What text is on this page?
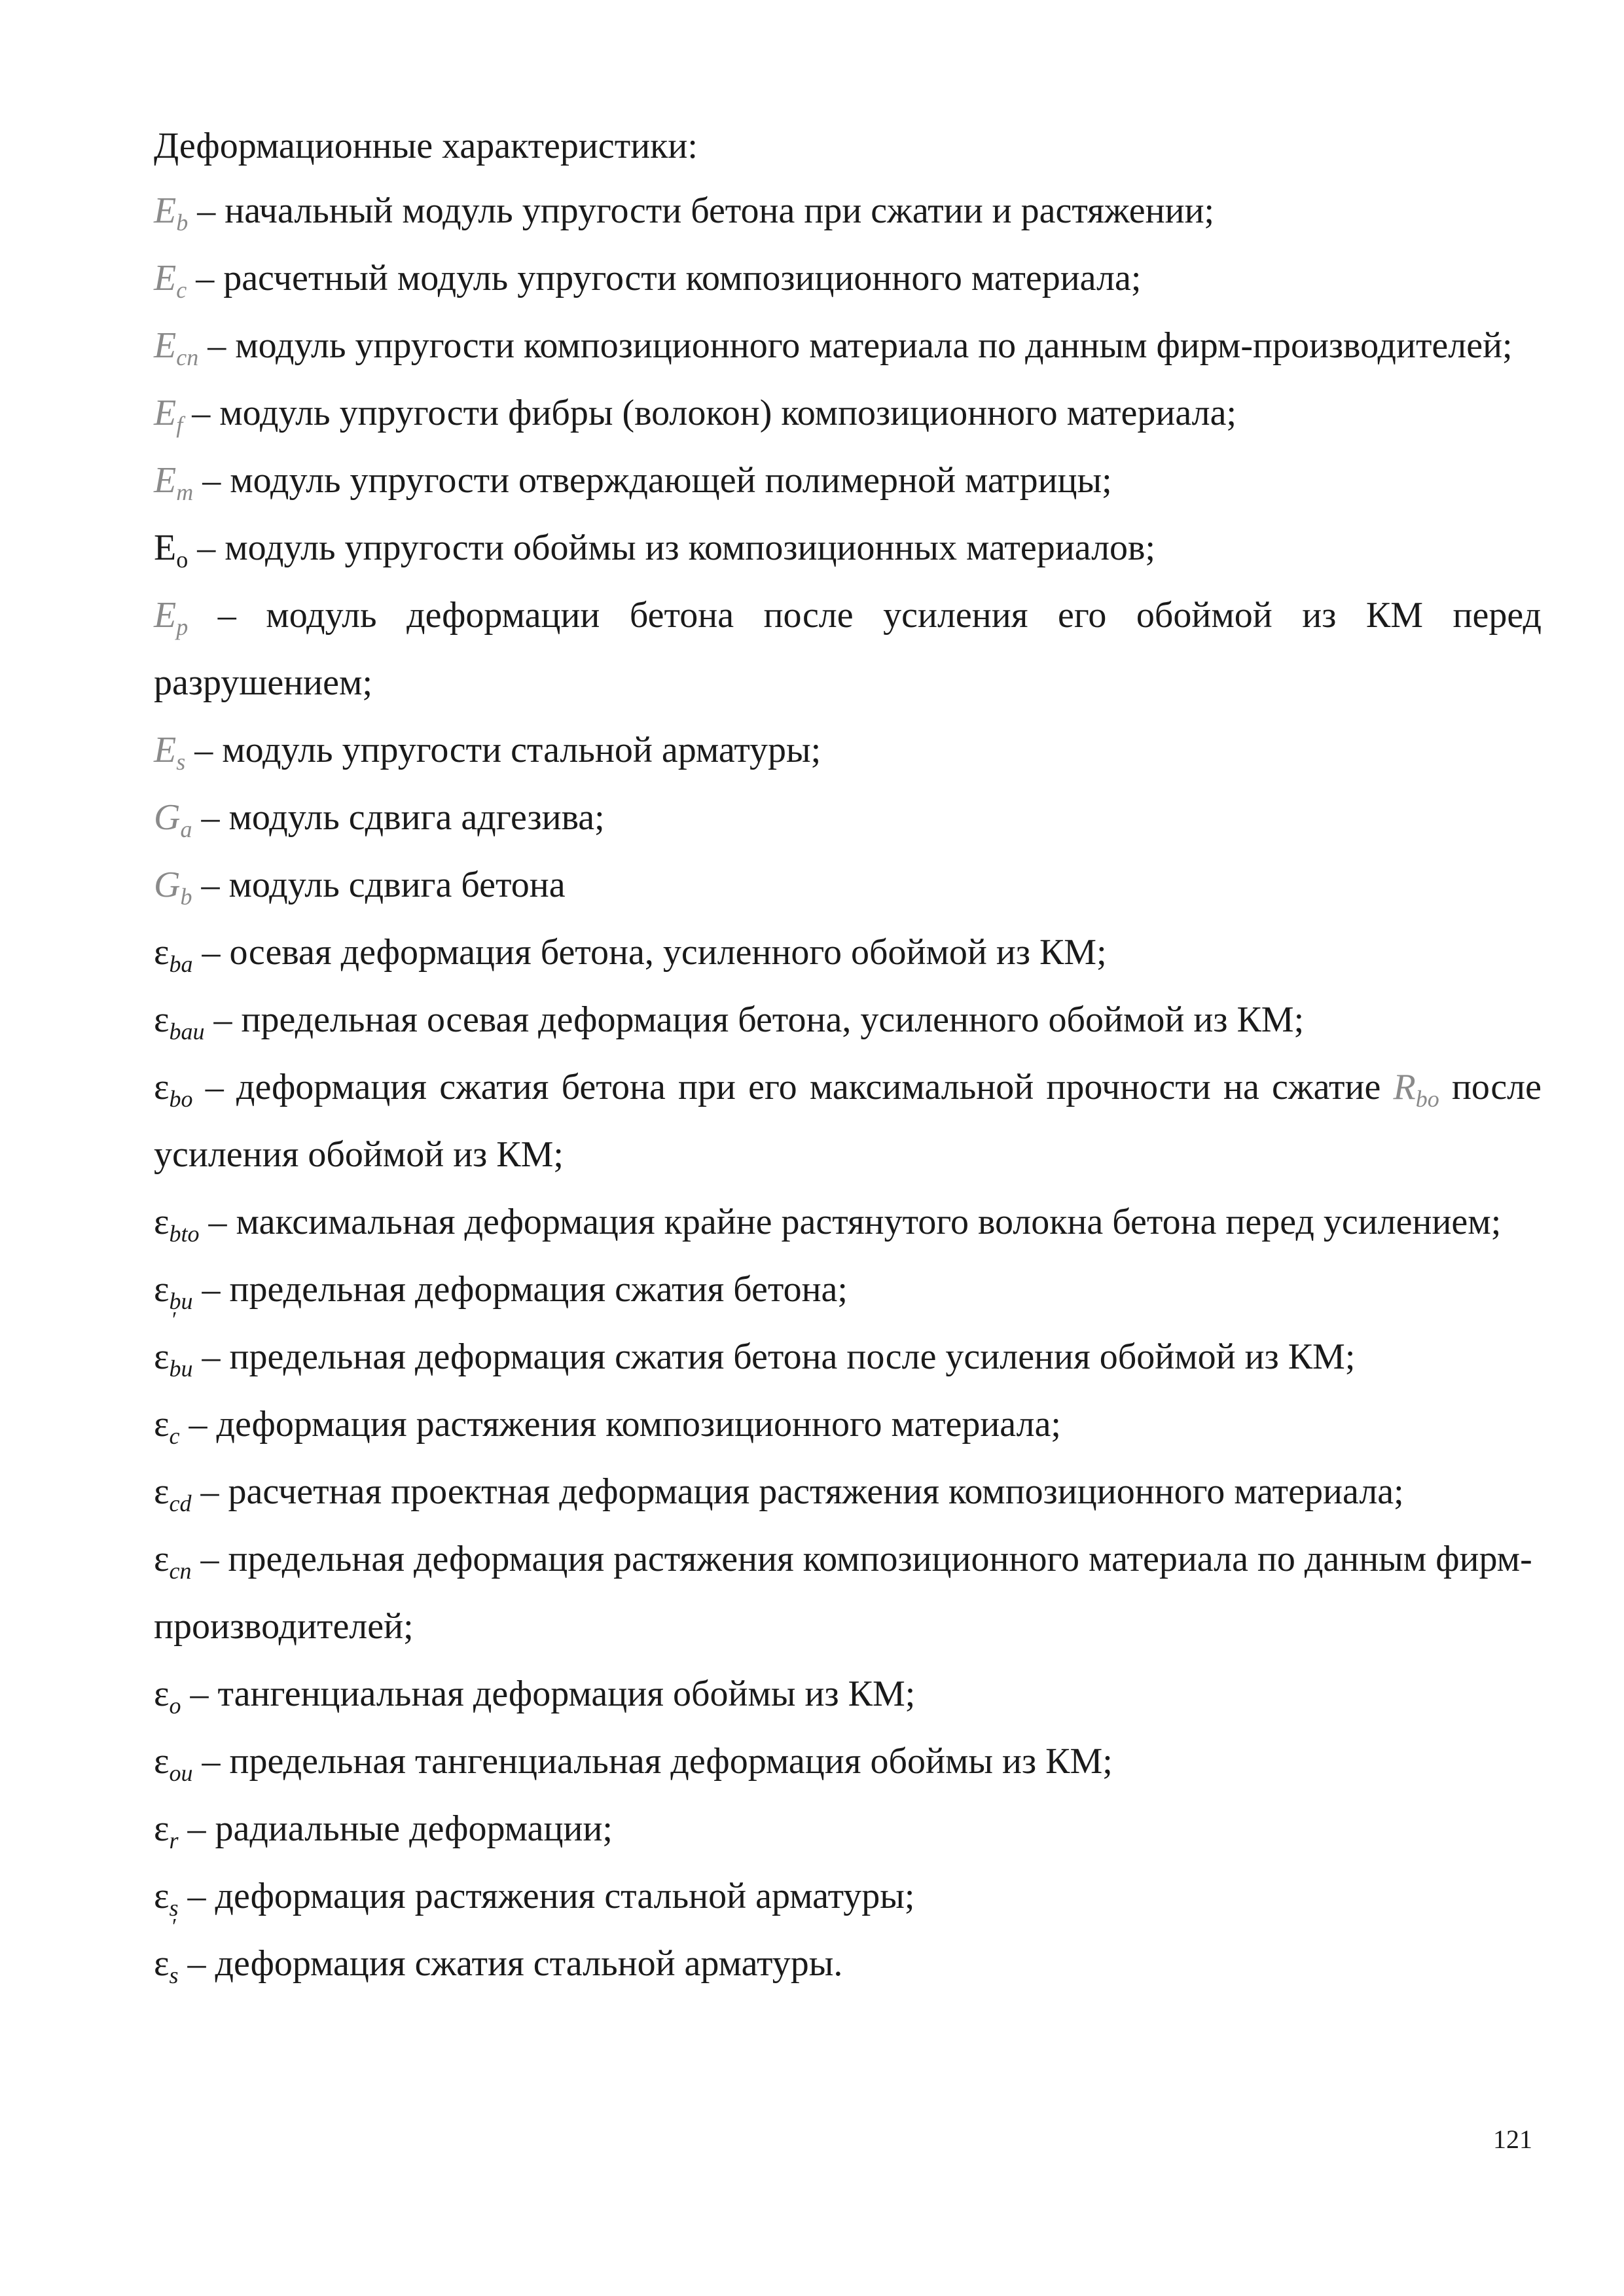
Деформационные характеристики:

$E_b$ – начальный модуль упругости бетона при сжатии и растяжении;

$E_c$ – расчетный модуль упругости композиционного материала;

$E_{cn}$ – модуль упругости композиционного материала по данным фирм-производителей;

$E_f$ – модуль упругости фибры (волокон) композиционного материала;

$E_m$ – модуль упругости отверждающей полимерной матрицы;

$E_о$ – модуль упругости обоймы из композиционных материалов;

$E_p$ – модуль деформации бетона после усиления его обоймой из КМ перед разрушением;

$E_s$ – модуль упругости стальной арматуры;

$G_a$ – модуль сдвига адгезива;

$G_b$ – модуль сдвига бетона

$\varepsilon_{ba}$ – осевая деформация бетона, усиленного обоймой из КМ;

$\varepsilon_{bau}$ – предельная осевая деформация бетона, усиленного обоймой из КМ;

$\varepsilon_{bo}$ – деформация сжатия бетона при его максимальной прочности на сжатие $R_{bo}$ после усиления обоймой из КМ;

$\varepsilon_{bto}$ – максимальная деформация крайне растянутого волокна бетона перед усилением;

$\varepsilon_{bu}$ – предельная деформация сжатия бетона;

ε
′
$_{bu}$ – предельная деформация сжатия бетона после усиления обоймой из КМ;

$\varepsilon_c$ – деформация растяжения композиционного материала;

$\varepsilon_{cd}$ – расчетная проектная деформация растяжения композиционного материала;

$\varepsilon_{cn}$ – предельная деформация растяжения композиционного материала по данным фирм-производителей;

$\varepsilon_o$ – тангенциальная деформация обоймы из КМ;

$\varepsilon_{ou}$ – предельная тангенциальная деформация обоймы из КМ;

$\varepsilon_r$ – радиальные деформации;

$\varepsilon_s$ – деформация растяжения стальной арматуры;

ε
′
$_s$ – деформация сжатия стальной арматуры.

121
